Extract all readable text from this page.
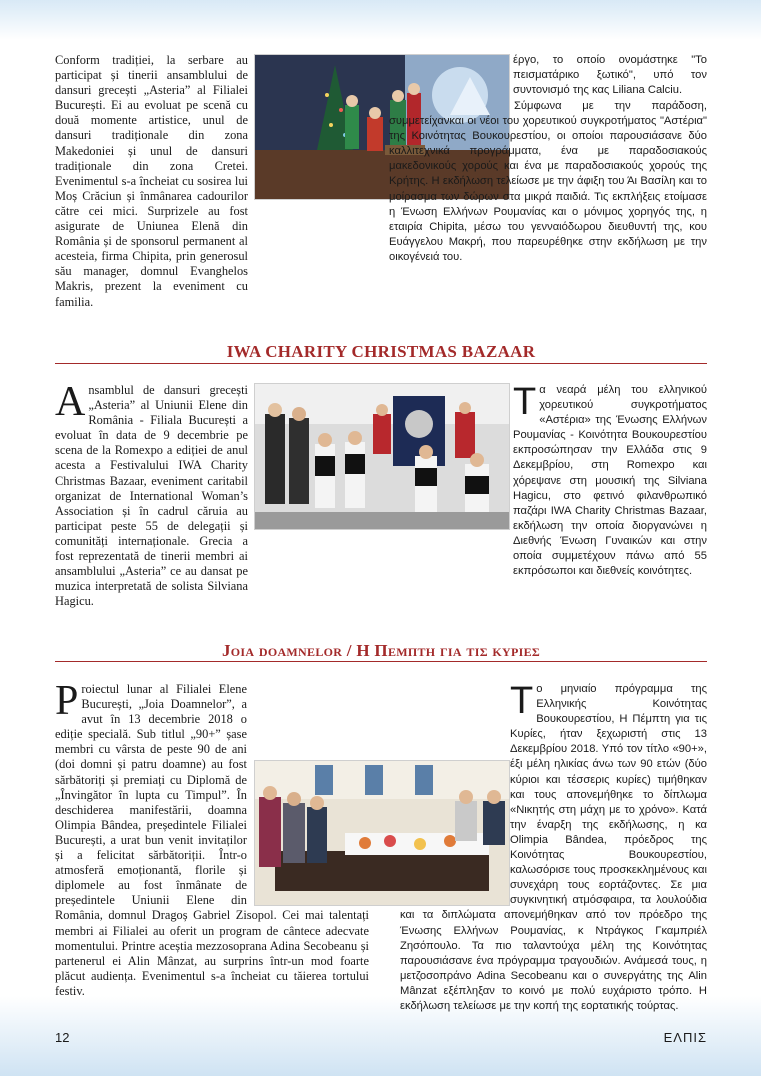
Conform tradiției, la serbare au participat și tinerii ansamblului de dansuri grecești „Asteria” al Filialei București. Ei au evoluat pe scenă cu două momente artistice, unul de dansuri tradiționale din zona Makedoniei și unul de dansuri tradiționale din zona Cretei. Evenimentul s-a încheiat cu sosirea lui Moș Crăciun și înmânarea cadourilor către cei mici. Surprizele au fost asigurate de Uniunea Elenă din România și de sponsorul permanent al acesteia, firma Chipita, prin generosul său manager, domnul Evanghelos Makris, prezent la eveniment cu familia.
έργο, το οποίο ονομάστηκε "Το πεισματάρικο ξωτικό", υπό τον συντονισμό της κας Liliana Calciu.
Σύμφωνα με την παράδοση, συμμετείχανκαι οι νέοι του χορευτικού συγκροτήματος "Αστέρια" της Κοινότητας Βουκουρεστίου, οι οποίοι παρουσιάσανε δύο καλλιτεχνικά προγράμματα, ένα με παραδοσιακούς μακεδονικούς χορούς και ένα με παραδοσιακούς χορούς της Κρήτης. Η εκδήλωση τελείωσε με την άφιξη του Άι Βασίλη και το μοίρασμα των δώρων στα μικρά παιδιά. Τις εκπλήξεις ετοίμασε η Ένωση Ελλήνων Ρουμανίας και ο μόνιμος χορηγός της, η εταιρία Chipita, μέσω του γενναιόδωρου διευθυντή της, κου Ευάγγελου Μακρή, που παρευρέθηκε στην εκδήλωση με την οικογένειά του.
IWA CHARITY CHRISTMAS BAZAAR
Ansamblul de dansuri grecești „Asteria” al Uniunii Elene din România - Filiala București a evoluat în data de 9 decembrie pe scena de la Romexpo a ediției de anul acesta a Festivalului IWA Charity Christmas Bazaar, eveniment caritabil organizat de International Woman’s Association și în cadrul căruia au participat peste 55 de delegații și comunități internaționale. Grecia a fost reprezentată de tinerii membri ai ansamblului „Asteria” ce au dansat pe muzica interpretată de solista Silviana Hagicu.
Τα νεαρά μέλη του ελληνικού χορευτικού συγκροτήματος «Αστέρια» της Ένωσης Ελλήνων Ρουμανίας - Κοινότητα Βουκουρεστίου εκπροσώπησαν την Ελλάδα στις 9 Δεκεμβρίου, στη Romexpo και χόρεψανε στη μουσική της Silviana Hagicu, στο φετινό φιλανθρωπικό παζάρι IWA Charity Christmas Bazaar, εκδήλωση την οποία διοργανώνει η Διεθνής Ένωση Γυναικών και στην οποία συμμετέχουν πάνω από 55 εκπρόσωποι και διεθνείς κοινότητες.
Joia doamnelor / Η Πεμπτη για τις κυριες
Proiectul lunar al Filialei Elene București, „Joia Doamnelor”, a avut în 13 decembrie 2018 o ediție specială. Sub titlul „90+” șase membri cu vârsta de peste 90 de ani (doi domni și patru doamne) au fost sărbătoriți și premiați cu Diplomă de „Învingător în lupta cu Timpul”. În deschiderea manifestării, doamna Olimpia Bândea, președintele Filialei București, a urat bun venit invitaților și a felicitat sărbătoriții. Într-o atmosferă emoționantă, florile și diplomele au fost înmânate de președintele Uniunii Elene din România, domnul Dragoș Gabriel Zisopol. Cei mai talentați membri ai Filialei au oferit un program de cântece adecvate momentului. Printre aceștia mezzosoprana Adina Secobeanu și partenerul ei Alin Mânzat, au surprins într-un mod foarte plăcut audiența. Evenimentul s-a încheiat cu tăierea tortului festiv.
Το μηνιαίο πρόγραμμα της Ελληνικής Κοινότητας Βουκουρεστίου, Η Πέμπτη για τις Κυρίες, ήταν ξεχωριστή στις 13 Δεκεμβρίου 2018. Υπό τον τίτλο «90+», έξι μέλη ηλικίας άνω των 90 ετών (δύο κύριοι και τέσσερις κυρίες) τιμήθηκαν και τους απονεμήθηκε το δίπλωμα «Νικητής στη μάχη με το χρόνο». Κατά την έναρξη της εκδήλωσης, η κα Olimpia Bândea, πρόεδρος της Κοινότητας Βουκουρεστίου, καλωσόρισε τους προσκεκλημένους και συνεχάρη τους εορτάζοντες. Σε μια συγκινητική ατμόσφαιρα, τα λουλούδια και τα διπλώματα απονεμήθηκαν από τον πρόεδρο της Ένωσης Ελλήνων Ρουμανίας, κ Ντράγκος Γκαμπριέλ Ζησόπουλο. Τα πιο ταλαντούχα μέλη της Κοινότητας παρουσιάσανε ένα πρόγραμμα τραγουδιών. Ανάμεσά τους, η μετζοσοπράνο Adina Secobeanu και ο συνεργάτης της Alin Mânzat εξέπληξαν το κοινό με πολύ ευχάριστο τρόπο. Η εκδήλωση τελείωσε με την κοπή της εορτατικής τούρτας.
12	ΕΛΠΙΣ
